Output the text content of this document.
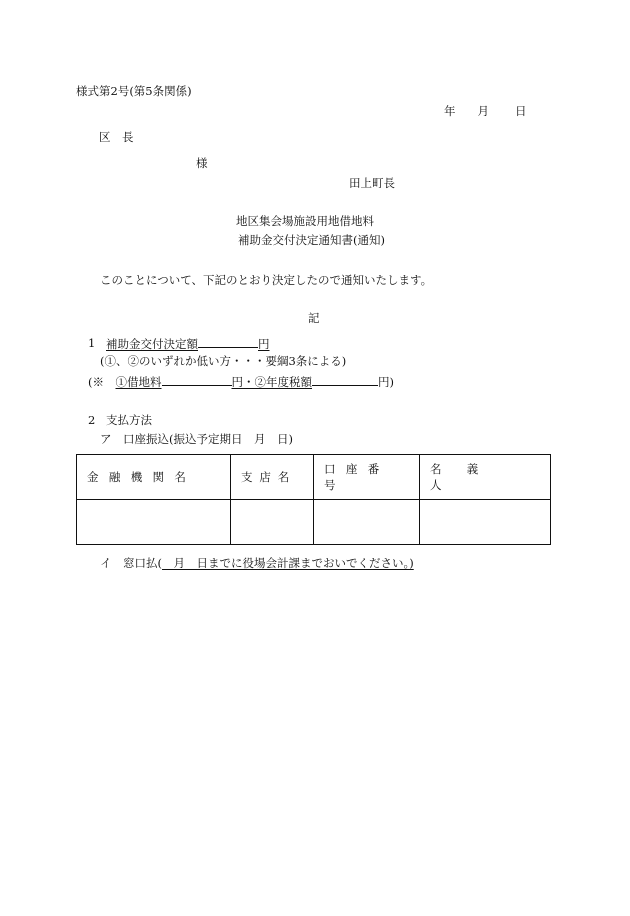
様式第2号(第5条関係)
年 月 日
区　長
様
田上町長
地区集会場施設用地借地料
補助金交付決定通知書(通知)
このことについて、下記のとおり決定したので通知いたします。
記
1 補助金交付決定額	円
(①、②のいずれか低い方・・・要綱3条による)
(※　①借地料	円・②年度税額	円)
2 支払方法
ア　口座振込(振込予定期日　月　日)
金融機関名	支店名	口座番号	名義人

イ　窓口払(　月　日までに役場会計課までおいでください。)
